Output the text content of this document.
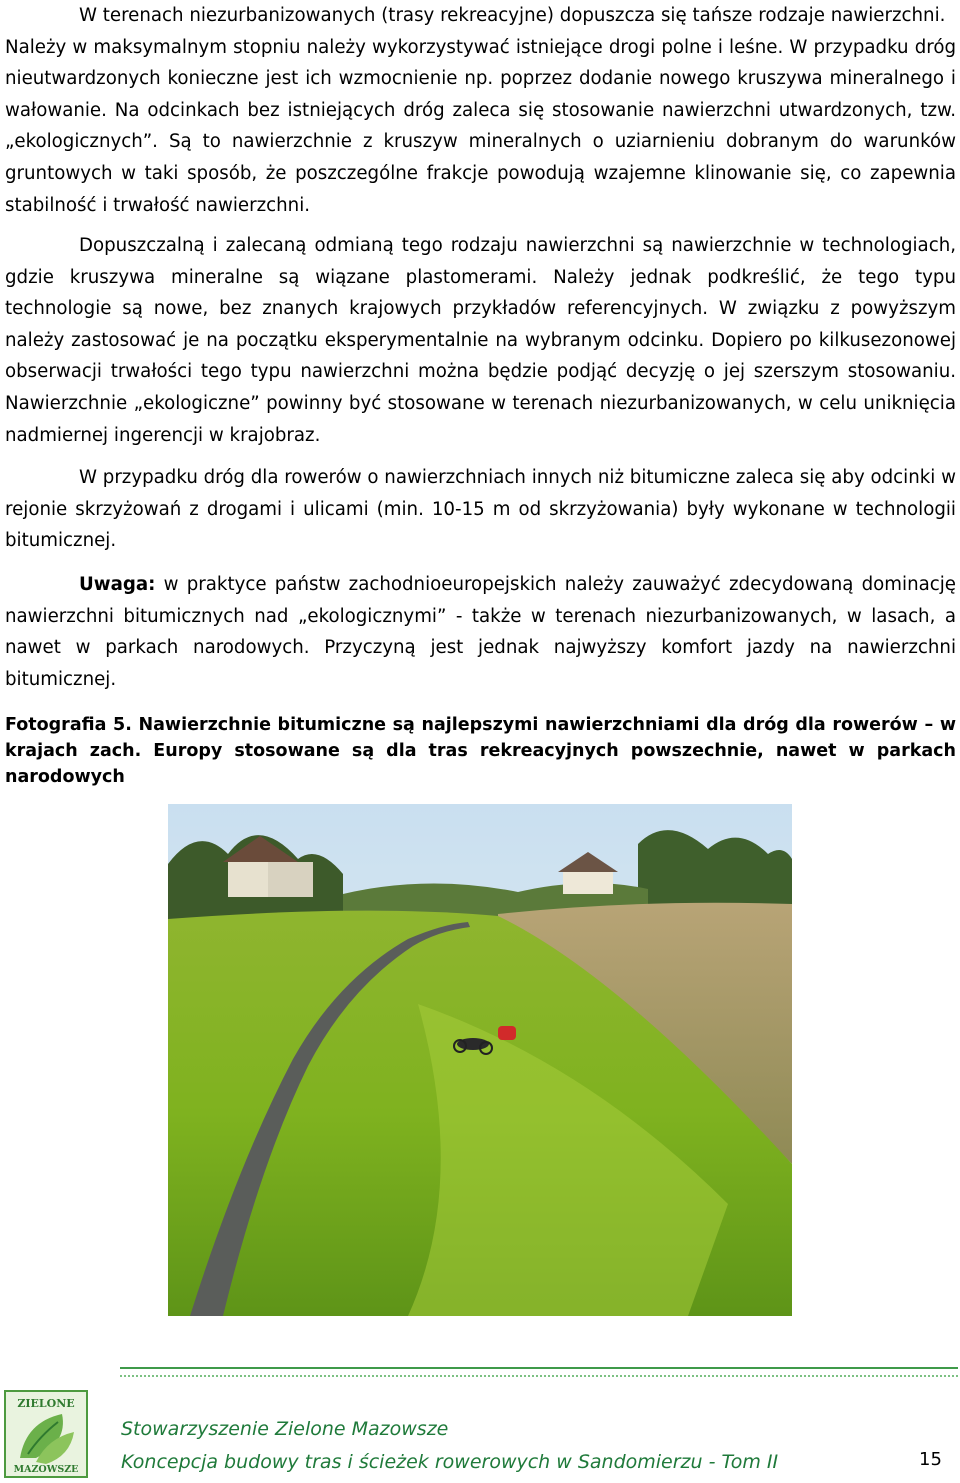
W terenach niezurbanizowanych (trasy rekreacyjne) dopuszcza się tańsze rodzaje nawierzchni.
Należy w maksymalnym stopniu należy wykorzystywać istniejące drogi polne i leśne. W przypadku dróg nieutwardzonych konieczne jest ich wzmocnienie np. poprzez dodanie nowego kruszywa mineralnego i wałowanie. Na odcinkach bez istniejących dróg zaleca się stosowanie nawierzchni utwardzonych, tzw. „ekologicznych”. Są to nawierzchnie z kruszyw mineralnych o uziarnieniu dobranym do warunków gruntowych w taki sposób, że poszczególne frakcje powodują wzajemne klinowanie się, co zapewnia stabilność i trwałość nawierzchni.

Dopuszczalną i zalecaną odmianą tego rodzaju nawierzchni są nawierzchnie w technologiach, gdzie kruszywa mineralne są wiązane plastomerami. Należy jednak podkreślić, że tego typu technologie są nowe, bez znanych krajowych przykładów referencyjnych. W związku z powyższym należy zastosować je na początku eksperymentalnie na wybranym odcinku. Dopiero po kilkusezonowej obserwacji trwałości tego typu nawierzchni można będzie podjąć decyzję o jej szerszym stosowaniu. Nawierzchnie „ekologiczne” powinny być stosowane w terenach niezurbanizowanych, w celu uniknięcia nadmiernej ingerencji w krajobraz.

W przypadku dróg dla rowerów o nawierzchniach innych niż bitumiczne zaleca się aby odcinki w rejonie skrzyżowań z drogami i ulicami (min. 10-15 m od skrzyżowania) były wykonane w technologii bitumicznej.

Uwaga: w praktyce państw zachodnioeuropejskich należy zauważyć zdecydowaną dominację nawierzchni bitumicznych nad „ekologicznymi” - także w terenach niezurbanizowanych, w lasach, a nawet w parkach narodowych. Przyczyną jest jednak najwyższy komfort jazdy na nawierzchni bitumicznej.

Fotografia 5. Nawierzchnie bitumiczne są najlepszymi nawierzchniami dla dróg dla rowerów – w krajach zach. Europy stosowane są dla tras rekreacyjnych powszechnie, nawet w parkach narodowych

ZIELONE
MAZOWSZE
Stowarzyszenie Zielone Mazowsze
Koncepcja budowy tras i ścieżek rowerowych w Sandomierzu - Tom II	15
